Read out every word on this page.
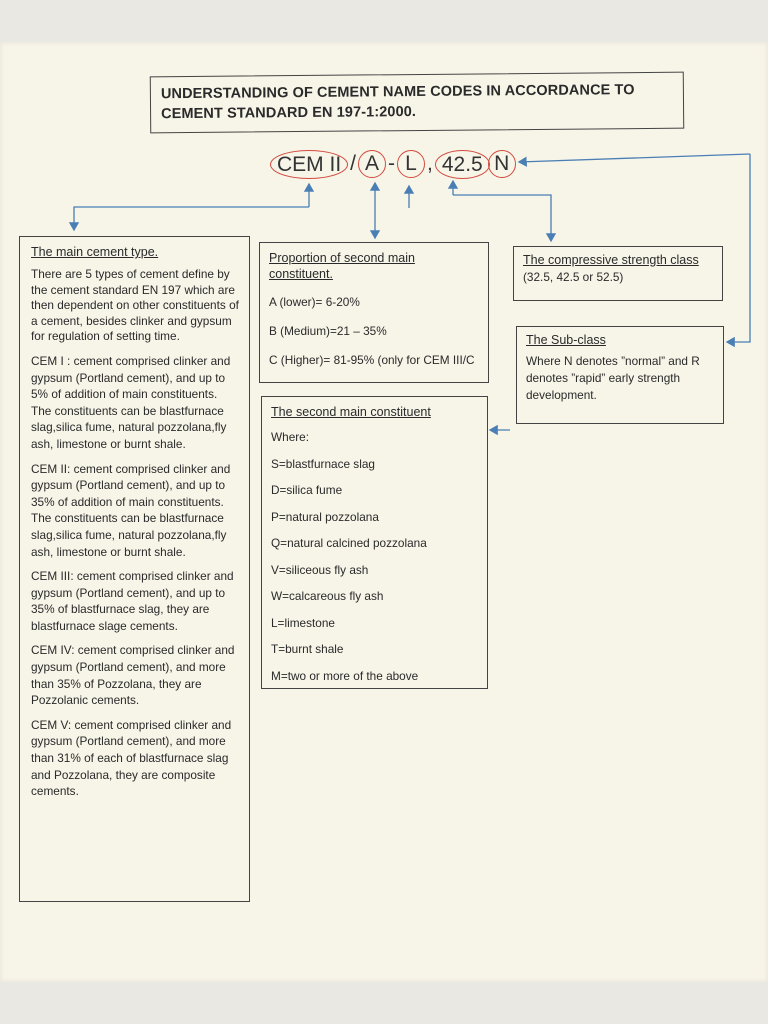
UNDERSTANDING OF CEMENT NAME CODES IN ACCORDANCE TO
CEMENT STANDARD EN 197-1:2000.
CEM II / A - L , 42.5 N
The main cement type.
There are 5 types of cement define by the cement standard EN 197 which are then dependent on other constituents of a cement, besides clinker and gypsum for regulation of setting time.
CEM I : cement comprised clinker and gypsum (Portland cement), and up to 5% of addition of main constituents. The constituents can be blastfurnace slag,silica fume, natural pozzolana,fly ash, limestone or burnt shale.
CEM II: cement comprised clinker and gypsum (Portland cement), and up to 35% of addition of main constituents. The constituents can be blastfurnace slag,silica fume, natural pozzolana,fly ash, limestone or burnt shale.
CEM III: cement comprised clinker and gypsum (Portland cement), and up to 35% of blastfurnace slag, they are blastfurnace slage cements.
CEM IV: cement comprised clinker and gypsum (Portland cement), and more than 35% of Pozzolana, they are Pozzolanic cements.
CEM V: cement comprised clinker and gypsum (Portland cement), and more than 31% of each of blastfurnace slag and Pozzolana, they are composite cements.
Proportion of second main constituent.
A (lower)= 6-20%
B (Medium)=21 – 35%
C (Higher)= 81-95% (only for CEM III/C
The second main constituent
Where:
S=blastfurnace slag
D=silica fume
P=natural pozzolana
Q=natural calcined pozzolana
V=siliceous fly ash
W=calcareous fly ash
L=limestone
T=burnt shale
M=two or more of the above
The compressive strength class
(32.5, 42.5 or 52.5)
The Sub-class
Where N denotes ”normal” and R denotes ”rapid” early strength development.
